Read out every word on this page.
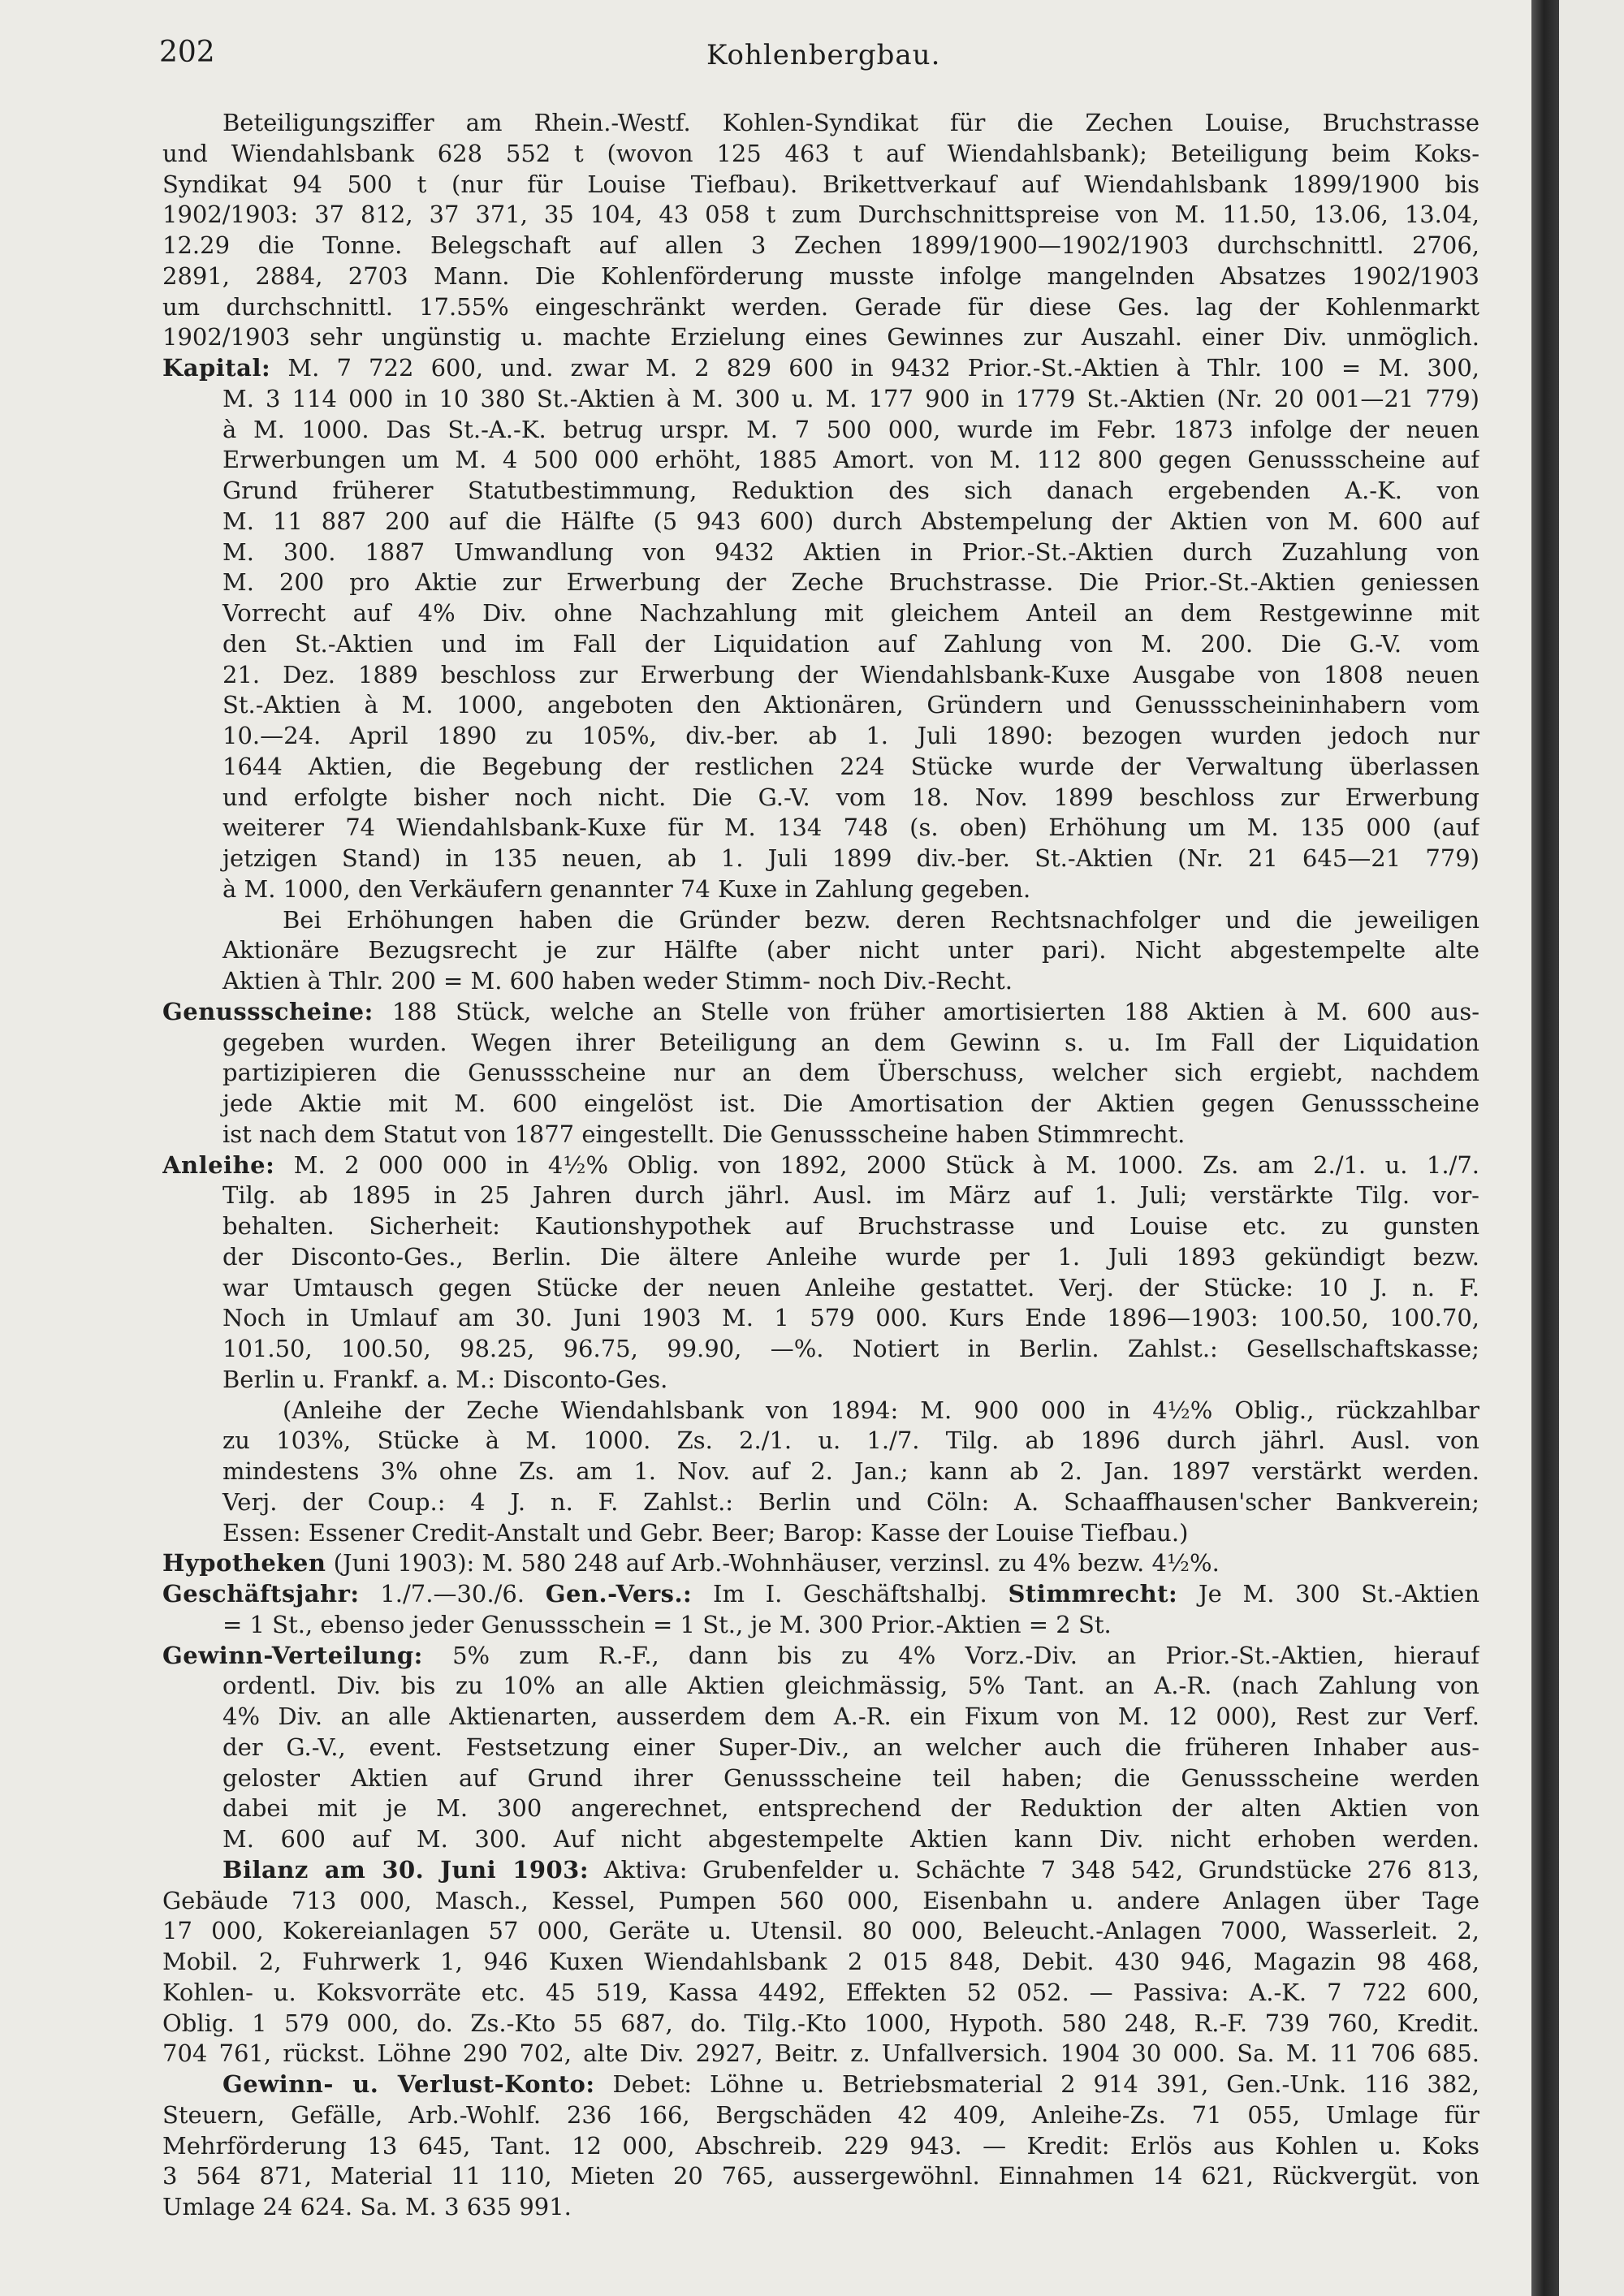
202	Kohlenbergbau.
Beteiligungsziffer am Rhein.-Westf. Kohlen-Syndikat für die Zechen Louise, Bruchstrasse
und Wiendahlsbank 628 552 t (wovon 125 463 t auf Wiendahlsbank); Beteiligung beim Koks-
Syndikat 94 500 t (nur für Louise Tiefbau). Brikettverkauf auf Wiendahlsbank 1899/1900 bis
1902/1903: 37 812, 37 371, 35 104, 43 058 t zum Durchschnittspreise von M. 11.50, 13.06, 13.04,
12.29 die Tonne. Belegschaft auf allen 3 Zechen 1899/1900—1902/1903 durchschnittl. 2706,
2891, 2884, 2703 Mann. Die Kohlenförderung musste infolge mangelnden Absatzes 1902/1903
um durchschnittl. 17.55% eingeschränkt werden. Gerade für diese Ges. lag der Kohlenmarkt
1902/1903 sehr ungünstig u. machte Erzielung eines Gewinnes zur Auszahl. einer Div. unmöglich.
Kapital: M. 7 722 600, und. zwar M. 2 829 600 in 9432 Prior.-St.-Aktien à Thlr. 100 = M. 300,
M. 3 114 000 in 10 380 St.-Aktien à M. 300 u. M. 177 900 in 1779 St.-Aktien (Nr. 20 001—21 779)
à M. 1000. Das St.-A.-K. betrug urspr. M. 7 500 000, wurde im Febr. 1873 infolge der neuen
Erwerbungen um M. 4 500 000 erhöht, 1885 Amort. von M. 112 800 gegen Genussscheine auf
Grund früherer Statutbestimmung, Reduktion des sich danach ergebenden A.-K. von
M. 11 887 200 auf die Hälfte (5 943 600) durch Abstempelung der Aktien von M. 600 auf
M. 300. 1887 Umwandlung von 9432 Aktien in Prior.-St.-Aktien durch Zuzahlung von
M. 200 pro Aktie zur Erwerbung der Zeche Bruchstrasse. Die Prior.-St.-Aktien geniessen
Vorrecht auf 4% Div. ohne Nachzahlung mit gleichem Anteil an dem Restgewinne mit
den St.-Aktien und im Fall der Liquidation auf Zahlung von M. 200. Die G.-V. vom
21. Dez. 1889 beschloss zur Erwerbung der Wiendahlsbank-Kuxe Ausgabe von 1808 neuen
St.-Aktien à M. 1000, angeboten den Aktionären, Gründern und Genussscheininhabern vom
10.—24. April 1890 zu 105%, div.-ber. ab 1. Juli 1890: bezogen wurden jedoch nur
1644 Aktien, die Begebung der restlichen 224 Stücke wurde der Verwaltung überlassen
und erfolgte bisher noch nicht. Die G.-V. vom 18. Nov. 1899 beschloss zur Erwerbung
weiterer 74 Wiendahlsbank-Kuxe für M. 134 748 (s. oben) Erhöhung um M. 135 000 (auf
jetzigen Stand) in 135 neuen, ab 1. Juli 1899 div.-ber. St.-Aktien (Nr. 21 645—21 779)
à M. 1000, den Verkäufern genannter 74 Kuxe in Zahlung gegeben.
Bei Erhöhungen haben die Gründer bezw. deren Rechtsnachfolger und die jeweiligen
Aktionäre Bezugsrecht je zur Hälfte (aber nicht unter pari). Nicht abgestempelte alte
Aktien à Thlr. 200 = M. 600 haben weder Stimm- noch Div.-Recht.
Genussscheine: 188 Stück, welche an Stelle von früher amortisierten 188 Aktien à M. 600 aus-
gegeben wurden. Wegen ihrer Beteiligung an dem Gewinn s. u. Im Fall der Liquidation
partizipieren die Genussscheine nur an dem Überschuss, welcher sich ergiebt, nachdem
jede Aktie mit M. 600 eingelöst ist. Die Amortisation der Aktien gegen Genussscheine
ist nach dem Statut von 1877 eingestellt. Die Genussscheine haben Stimmrecht.
Anleihe: M. 2 000 000 in 4½% Oblig. von 1892, 2000 Stück à M. 1000. Zs. am 2./1. u. 1./7.
Tilg. ab 1895 in 25 Jahren durch jährl. Ausl. im März auf 1. Juli; verstärkte Tilg. vor-
behalten. Sicherheit: Kautionshypothek auf Bruchstrasse und Louise etc. zu gunsten
der Disconto-Ges., Berlin. Die ältere Anleihe wurde per 1. Juli 1893 gekündigt bezw.
war Umtausch gegen Stücke der neuen Anleihe gestattet. Verj. der Stücke: 10 J. n. F.
Noch in Umlauf am 30. Juni 1903 M. 1 579 000. Kurs Ende 1896—1903: 100.50, 100.70,
101.50, 100.50, 98.25, 96.75, 99.90, —%. Notiert in Berlin. Zahlst.: Gesellschaftskasse;
Berlin u. Frankf. a. M.: Disconto-Ges.
(Anleihe der Zeche Wiendahlsbank von 1894: M. 900 000 in 4½% Oblig., rückzahlbar
zu 103%, Stücke à M. 1000. Zs. 2./1. u. 1./7. Tilg. ab 1896 durch jährl. Ausl. von
mindestens 3% ohne Zs. am 1. Nov. auf 2. Jan.; kann ab 2. Jan. 1897 verstärkt werden.
Verj. der Coup.: 4 J. n. F. Zahlst.: Berlin und Cöln: A. Schaaffhausen'scher Bankverein;
Essen: Essener Credit-Anstalt und Gebr. Beer; Barop: Kasse der Louise Tiefbau.)
Hypotheken (Juni 1903): M. 580 248 auf Arb.-Wohnhäuser, verzinsl. zu 4% bezw. 4½%.
Geschäftsjahr: 1./7.—30./6. Gen.-Vers.: Im I. Geschäftshalbj. Stimmrecht: Je M. 300 St.-Aktien
= 1 St., ebenso jeder Genussschein = 1 St., je M. 300 Prior.-Aktien = 2 St.
Gewinn-Verteilung: 5% zum R.-F., dann bis zu 4% Vorz.-Div. an Prior.-St.-Aktien, hierauf
ordentl. Div. bis zu 10% an alle Aktien gleichmässig, 5% Tant. an A.-R. (nach Zahlung von
4% Div. an alle Aktienarten, ausserdem dem A.-R. ein Fixum von M. 12 000), Rest zur Verf.
der G.-V., event. Festsetzung einer Super-Div., an welcher auch die früheren Inhaber aus-
geloster Aktien auf Grund ihrer Genussscheine teil haben; die Genussscheine werden
dabei mit je M. 300 angerechnet, entsprechend der Reduktion der alten Aktien von
M. 600 auf M. 300. Auf nicht abgestempelte Aktien kann Div. nicht erhoben werden.
Bilanz am 30. Juni 1903: Aktiva: Grubenfelder u. Schächte 7 348 542, Grundstücke 276 813,
Gebäude 713 000, Masch., Kessel, Pumpen 560 000, Eisenbahn u. andere Anlagen über Tage
17 000, Kokereianlagen 57 000, Geräte u. Utensil. 80 000, Beleucht.-Anlagen 7000, Wasserleit. 2,
Mobil. 2, Fuhrwerk 1, 946 Kuxen Wiendahlsbank 2 015 848, Debit. 430 946, Magazin 98 468,
Kohlen- u. Koksvorräte etc. 45 519, Kassa 4492, Effekten 52 052. — Passiva: A.-K. 7 722 600,
Oblig. 1 579 000, do. Zs.-Kto 55 687, do. Tilg.-Kto 1000, Hypoth. 580 248, R.-F. 739 760, Kredit.
704 761, rückst. Löhne 290 702, alte Div. 2927, Beitr. z. Unfallversich. 1904 30 000. Sa. M. 11 706 685.
Gewinn- u. Verlust-Konto: Debet: Löhne u. Betriebsmaterial 2 914 391, Gen.-Unk. 116 382,
Steuern, Gefälle, Arb.-Wohlf. 236 166, Bergschäden 42 409, Anleihe-Zs. 71 055, Umlage für
Mehrförderung 13 645, Tant. 12 000, Abschreib. 229 943. — Kredit: Erlös aus Kohlen u. Koks
3 564 871, Material 11 110, Mieten 20 765, aussergewöhnl. Einnahmen 14 621, Rückvergüt. von
Umlage 24 624. Sa. M. 3 635 991.
